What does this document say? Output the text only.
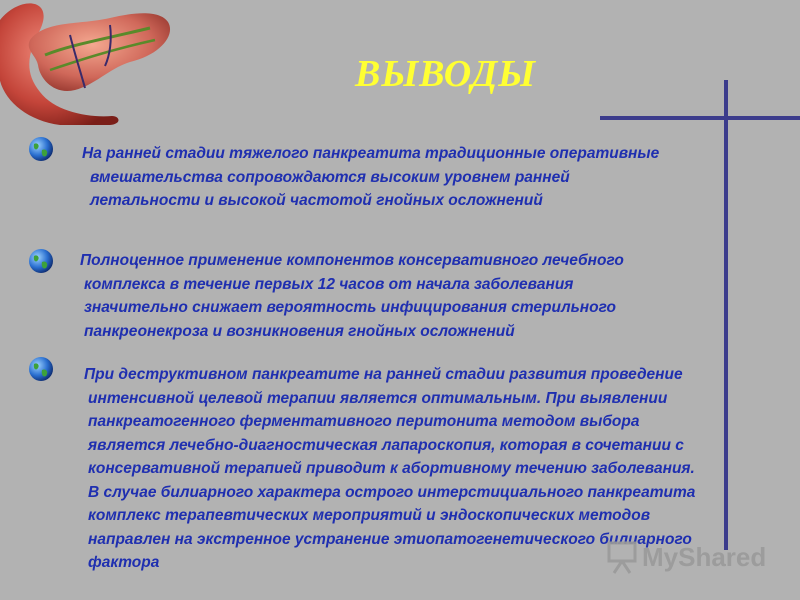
ВЫВОДЫ
На ранней стадии тяжелого панкреатита традиционные оперативные
вмешательства сопровождаются высоким уровнем ранней
летальности и высокой частотой гнойных осложнений
Полноценное применение компонентов консервативного лечебного
комплекса в течение первых 12 часов от начала заболевания
значительно снижает вероятность инфицирования стерильного
панкреонекроза и возникновения гнойных осложнений
При деструктивном панкреатите на ранней стадии развития проведение
интенсивной целевой терапии является оптимальным. При выявлении
панкреатогенного ферментативного перитонита методом выбора
является лечебно-диагностическая лапароскопия, которая в сочетании с
консервативной терапией приводит к абортивному течению заболевания.
В случае билиарного характера острого интерстициального панкреатита
комплекс терапевтических мероприятий и эндоскопических методов
направлен на экстренное устранение этиопатогенетического билиарного
фактора	MyShared
